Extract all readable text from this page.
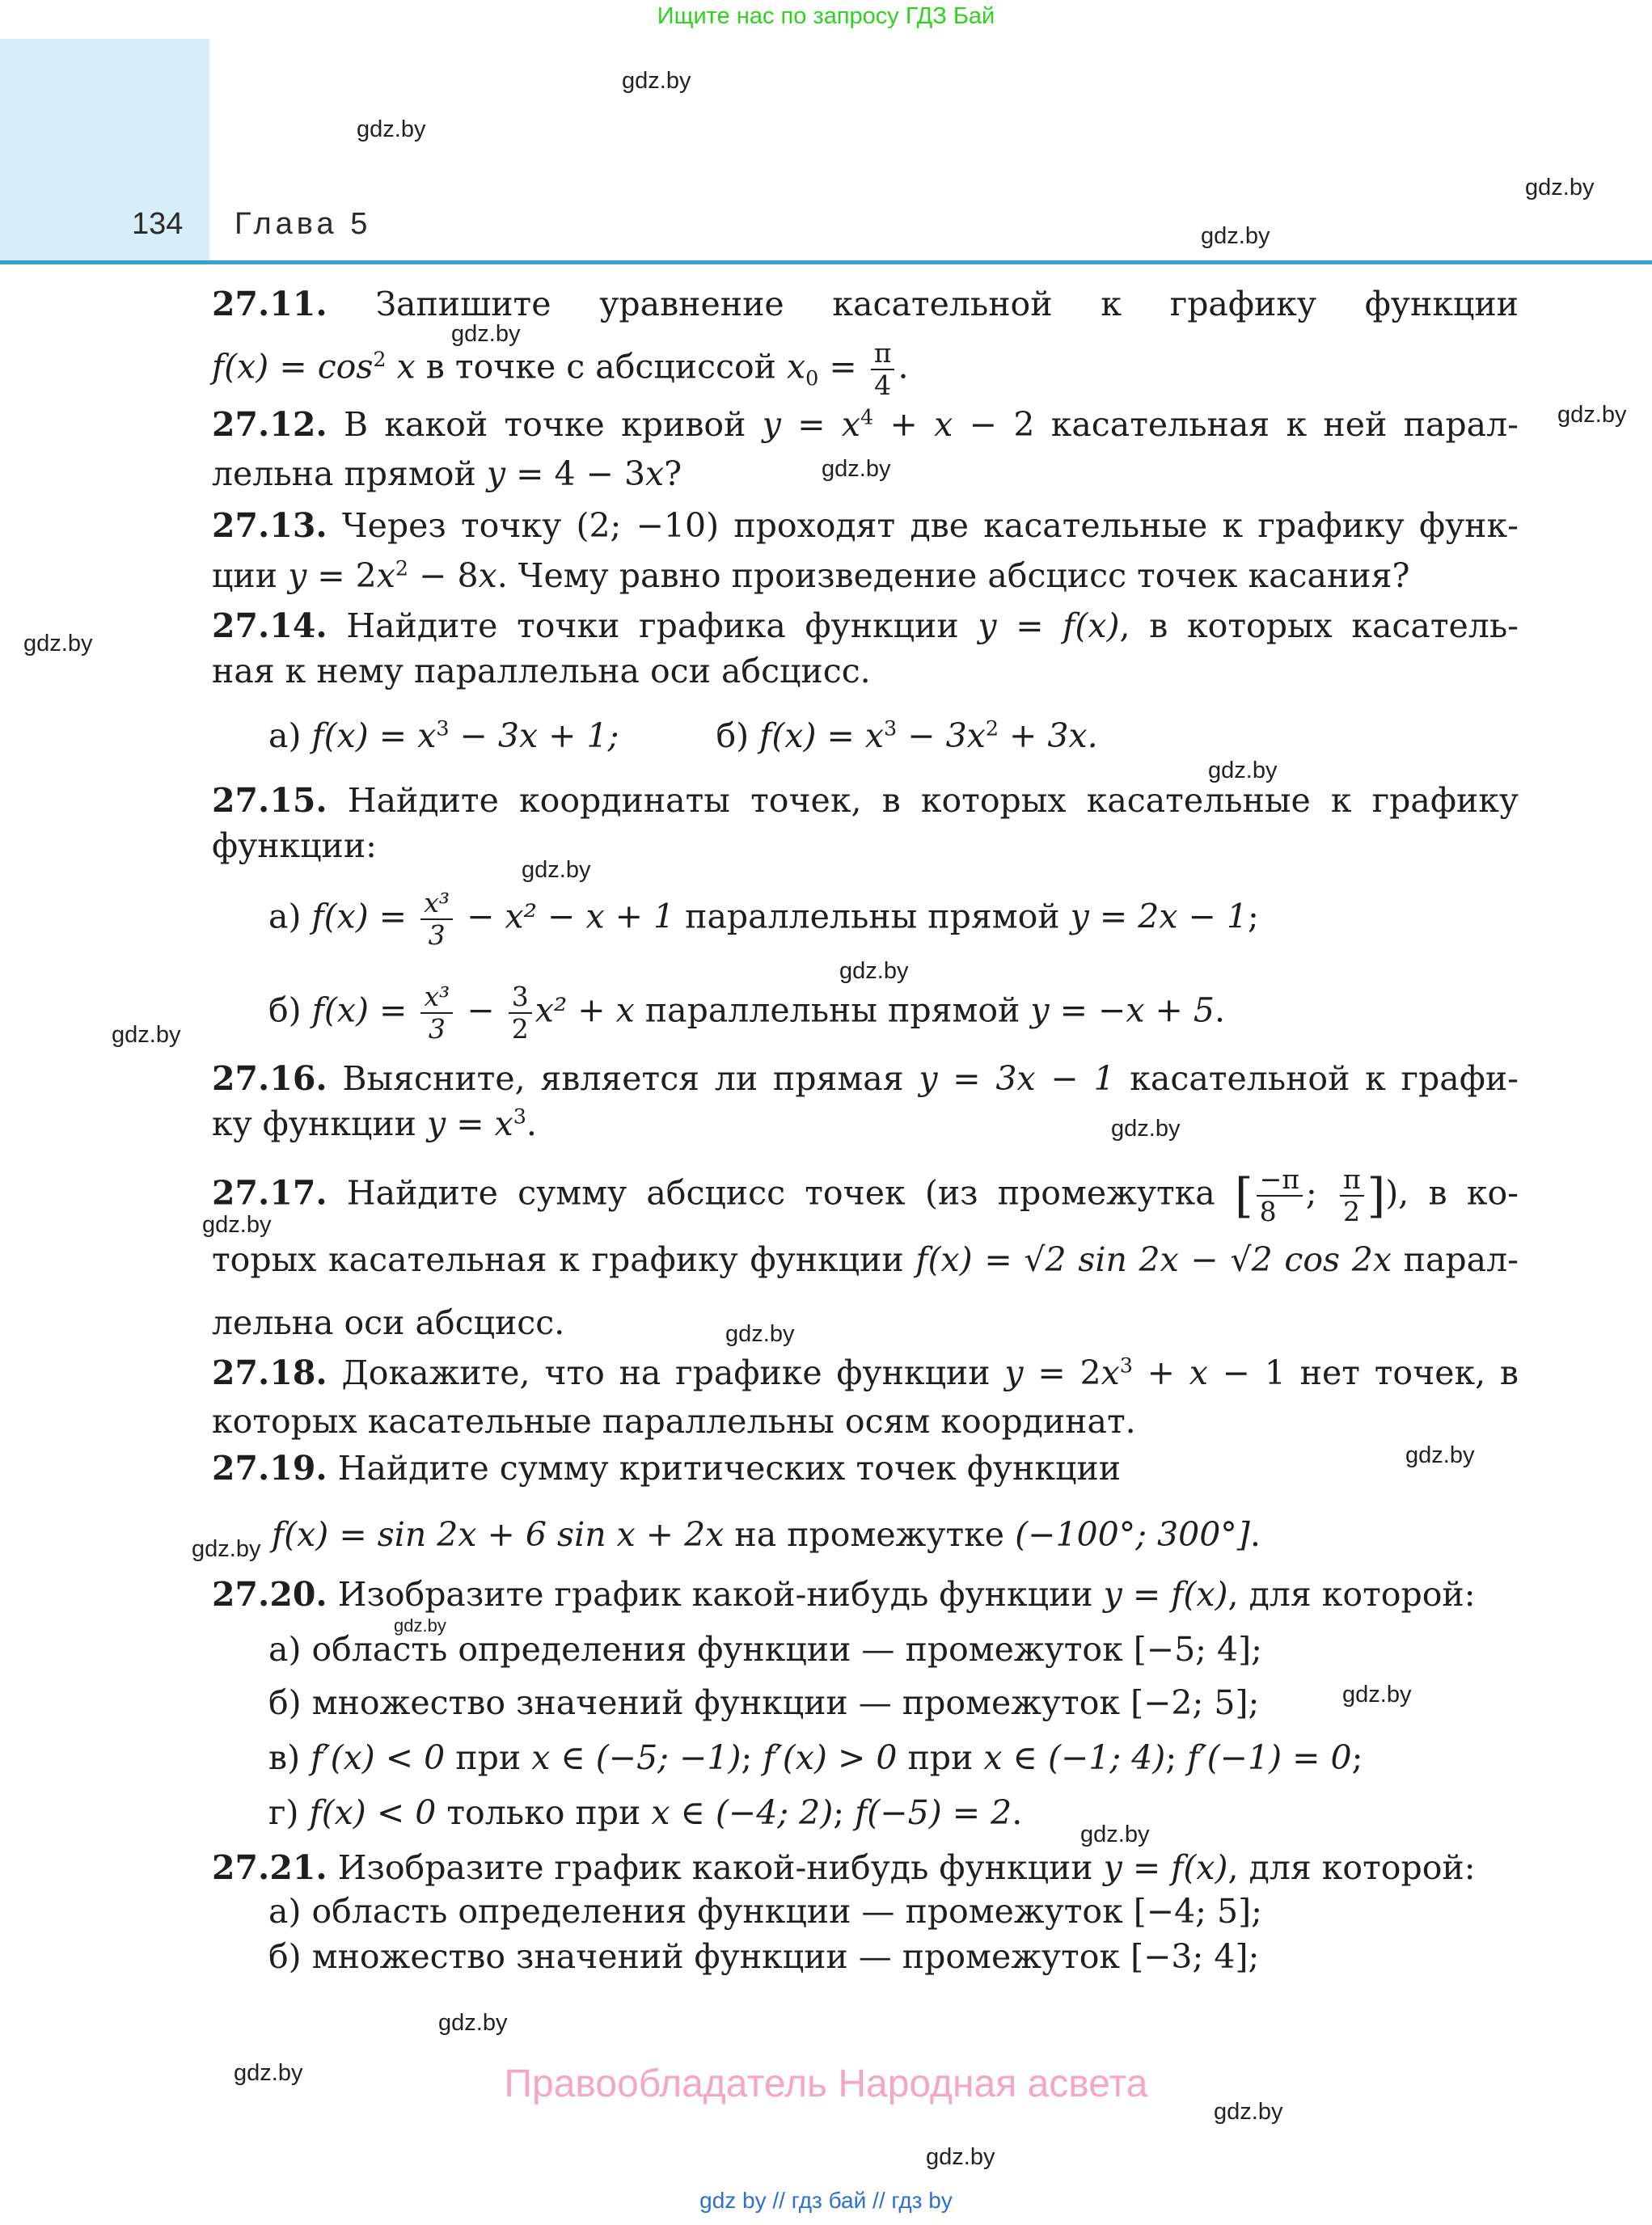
Ищите нас по запросу ГДЗ Бай
134 Глава 5
gdz.by
gdz.by
gdz.by
gdz.by
gdz.by
gdz.by
gdz.by
gdz.by
gdz.by
gdz.by
gdz.by
gdz.by
gdz.by
gdz.by
gdz.by
gdz.by
gdz.by
gdz.by
gdz.by
gdz.by
gdz.by
gdz.by
gdz.by
gdz.by
27.11. Запишите уравнение касательной к графику функции
$f(x) = \cos^2 x$ в точке с абсциссой $x_0 = \frac{\pi}{4}$ .
27.12. В какой точке кривой $y = x^4 + x - 2$ касательная к ней парал-
лельна прямой y = 4 − 3x?
27.13. Через точку (2; −10) проходят две касательные к графику функ-
ции $y = 2x^2 - 8x$. Чему равно произведение абсцисс точек касания?
27.14. Найдите точки графика функции y = f(x), в которых касатель-
ная к нему параллельна оси абсцисс.
а) $f(x) = x^3 - 3x + 1$;	б) $f(x) = x^3 - 3x^2 + 3x$.
27.15. Найдите координаты точек, в которых касательные к графику
функции:
а) $f(x) = \frac{\text{x³}}{3} - x^2 - x + 1$ параллельны прямой y = 2x − 1;
б) $f(x) = \frac{\text{x³}}{3} - \frac{3}{2} x^2 + x$ параллельны прямой y = −x + 5.
27.16. Выясните, является ли прямая y = 3x − 1 касательной к графи-
ку функции $y = x^3$.
27.17. Найдите сумму абсцисс точек (из промежутка [ $\frac{-\pi}{8}$ ; $\frac{\pi}{2}$ ]), в ко-
торых касательная к графику функции f(x) = √2 sin 2x − √2 cos 2x парал-
лельна оси абсцисс.
27.18. Докажите, что на графике функции $y = 2x^3 + x - 1$ нет точек, в
которых касательные параллельны осям координат.
27.19. Найдите сумму критических точек функции
f(x) = sin 2x + 6 sin x + 2x на промежутке (−100°; 300°].
27.20. Изобразите график какой-нибудь функции y = f(x), для которой:
а) область определения функции — промежуток [−5; 4];
б) множество значений функции — промежуток [−2; 5];
в) f′(x) < 0 при x ∈ (−5; −1); f′(x) > 0 при x ∈ (−1; 4); f′(−1) = 0;
г) f(x) < 0 только при x ∈ (−4; 2); f(−5) = 2.
27.21. Изобразите график какой-нибудь функции y = f(x), для которой:
а) область определения функции — промежуток [−4; 5];
б) множество значений функции — промежуток [−3; 4];
Правообладатель Народная асвета
gdz by // гдз бай // гдз by
